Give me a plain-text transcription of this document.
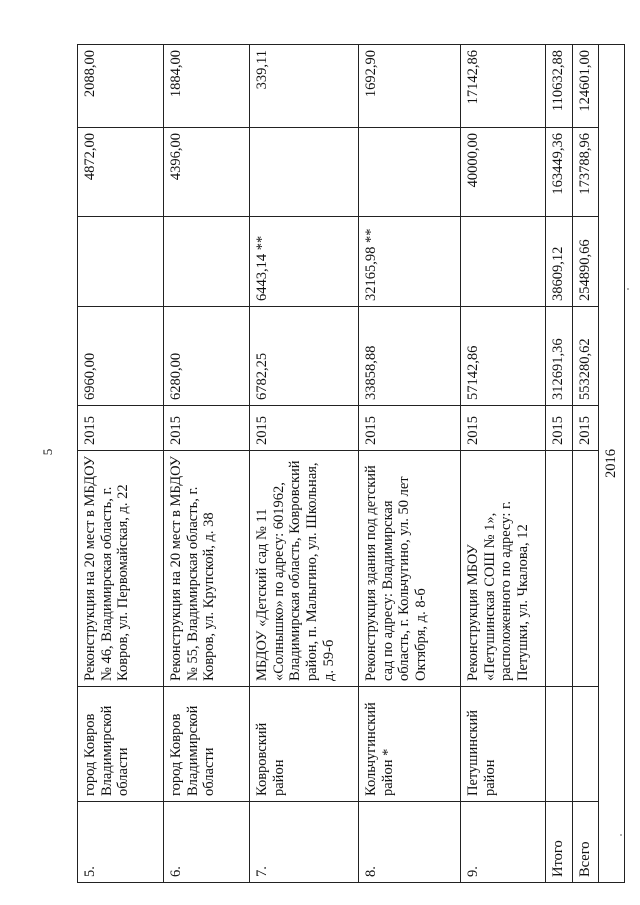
5
5.	город Ковров Владимирской области	Реконструкция на 20 мест в МБДОУ № 46, Владимирская область, г. Ковров, ул. Первомайская, д. 22	2015	6960,00		4872,00	2088,00
6.	город Ковров Владимирской области	Реконструкция на 20 мест в МБДОУ № 55, Владимирская область, г. Ковров, ул. Крупской, д. 38	2015	6280,00		4396,00	1884,00
7.	Ковровский район	МБДОУ «Детский сад № 11 «Солнышко» по адресу: 601962, Владимирская область, Ковровский район, п. Малыгино, ул. Школьная, д. 59-б	2015	6782,25	6443,14 **		339,11
8.	Кольчугинский район *	Реконструкция здания под детский сад по адресу: Владимирская область, г. Кольчугино, ул. 50 лет Октября, д. 8-б	2015	33858,88	32165,98 **		1692,90
9.	Петушинский район	Реконструкция МБОУ «Петушинская СОШ № 1», расположенного по адресу: г. Петушки, ул. Чкалова, 12	2015	57142,86		40000,00	17142,86
Итого			2015	312691,36	38609,12	163449,36	110632,88
Всего			2015	553280,62	254890,66	173788,96	124601,00
2016							
